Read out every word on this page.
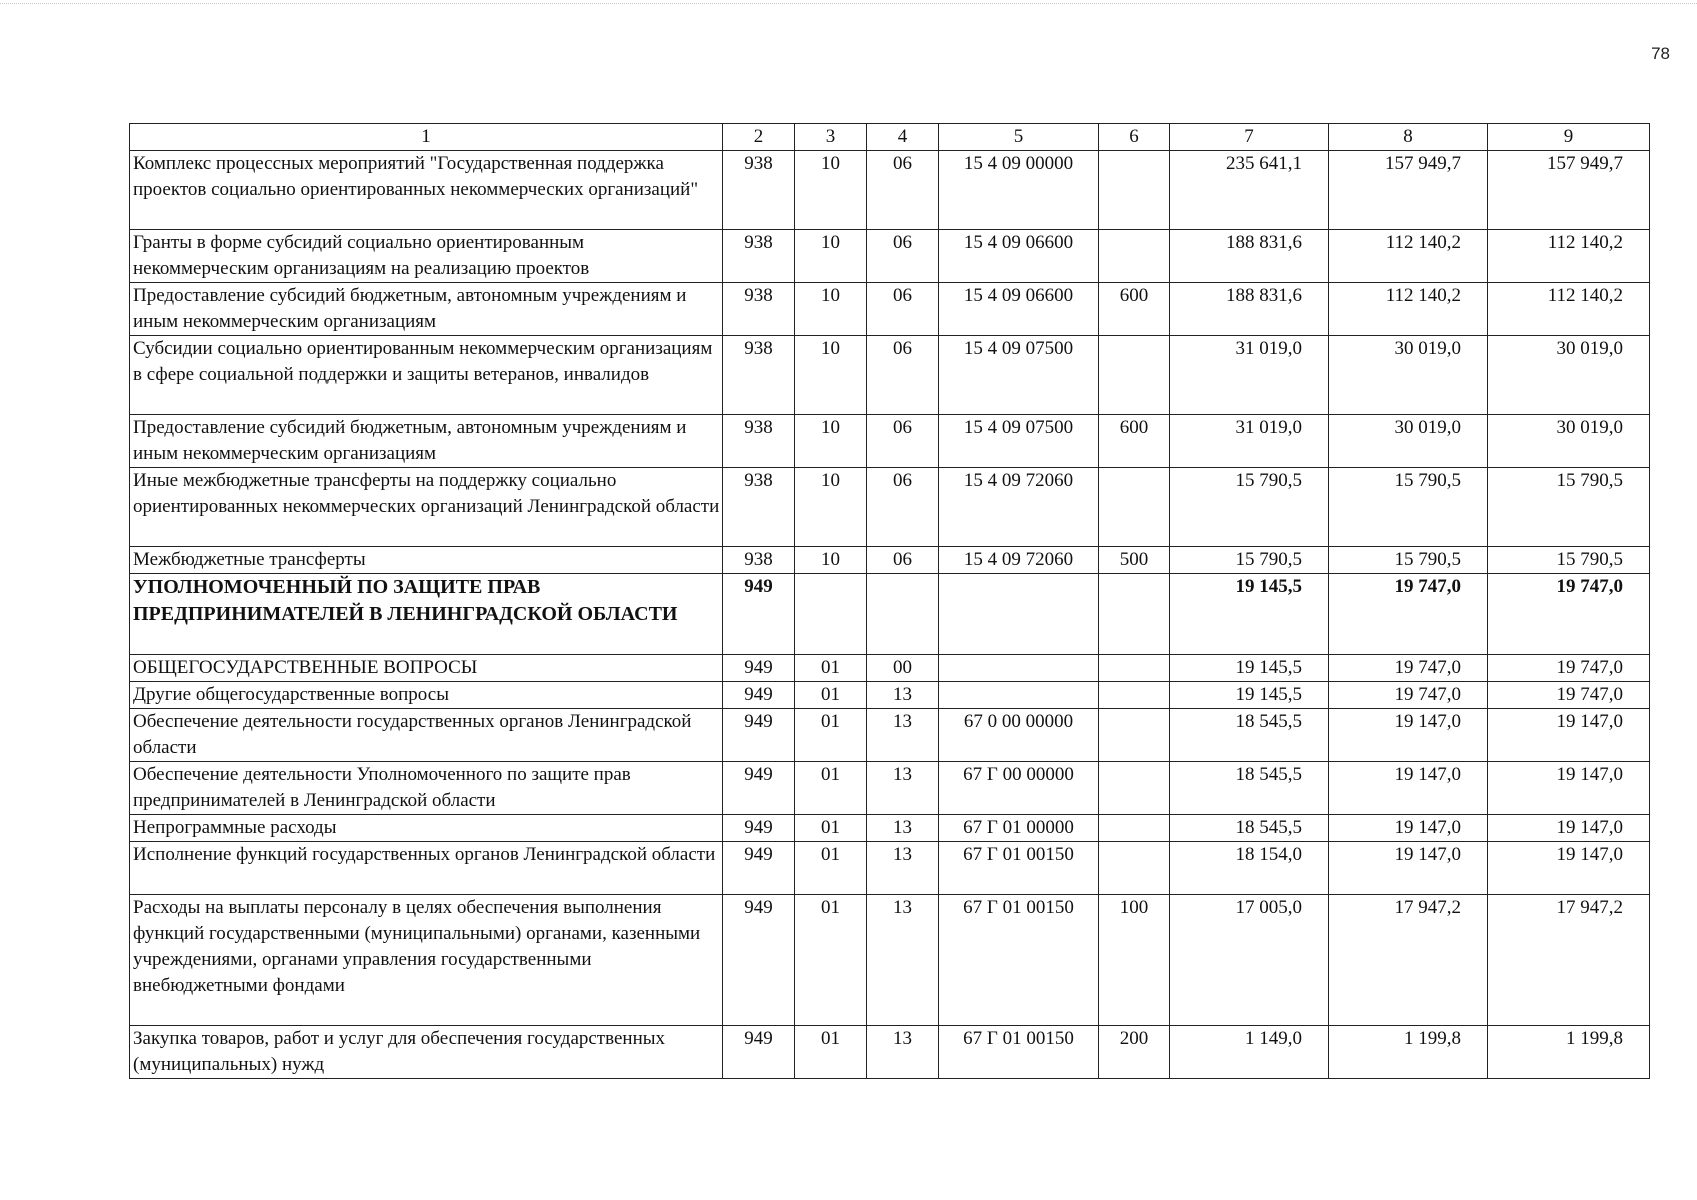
78
1	2	3	4	5	6	7	8	9
Комплекс процессных мероприятий "Государственная поддержка проектов социально ориентированных некоммерческих организаций"	938	10	06	15 4 09 00000		235 641,1	157 949,7	157 949,7
Гранты в форме субсидий социально ориентированным некоммерческим организациям на реализацию проектов	938	10	06	15 4 09 06600		188 831,6	112 140,2	112 140,2
Предоставление субсидий бюджетным, автономным учреждениям и иным некоммерческим организациям	938	10	06	15 4 09 06600	600	188 831,6	112 140,2	112 140,2
Субсидии социально ориентированным некоммерческим организациям в сфере социальной поддержки и защиты ветеранов, инвалидов	938	10	06	15 4 09 07500		31 019,0	30 019,0	30 019,0
Предоставление субсидий бюджетным, автономным учреждениям и иным некоммерческим организациям	938	10	06	15 4 09 07500	600	31 019,0	30 019,0	30 019,0
Иные межбюджетные трансферты на поддержку социально ориентированных некоммерческих организаций Ленинградской области	938	10	06	15 4 09 72060		15 790,5	15 790,5	15 790,5
Межбюджетные трансферты	938	10	06	15 4 09 72060	500	15 790,5	15 790,5	15 790,5
УПОЛНОМОЧЕННЫЙ ПО ЗАЩИТЕ ПРАВ ПРЕДПРИНИМАТЕЛЕЙ В ЛЕНИНГРАДСКОЙ ОБЛАСТИ	949					19 145,5	19 747,0	19 747,0
ОБЩЕГОСУДАРСТВЕННЫЕ ВОПРОСЫ	949	01	00			19 145,5	19 747,0	19 747,0
Другие общегосударственные вопросы	949	01	13			19 145,5	19 747,0	19 747,0
Обеспечение деятельности государственных органов Ленинградской области	949	01	13	67 0 00 00000		18 545,5	19 147,0	19 147,0
Обеспечение деятельности Уполномоченного по защите прав предпринимателей в Ленинградской области	949	01	13	67 Г 00 00000		18 545,5	19 147,0	19 147,0
Непрограммные расходы	949	01	13	67 Г 01 00000		18 545,5	19 147,0	19 147,0
Исполнение функций государственных органов Ленинградской области	949	01	13	67 Г 01 00150		18 154,0	19 147,0	19 147,0
Расходы на выплаты персоналу в целях обеспечения выполнения функций государственными (муниципальными) органами, казенными учреждениями, органами управления государственными внебюджетными фондами	949	01	13	67 Г 01 00150	100	17 005,0	17 947,2	17 947,2
Закупка товаров, работ и услуг для обеспечения государственных (муниципальных) нужд	949	01	13	67 Г 01 00150	200	1 149,0	1 199,8	1 199,8
